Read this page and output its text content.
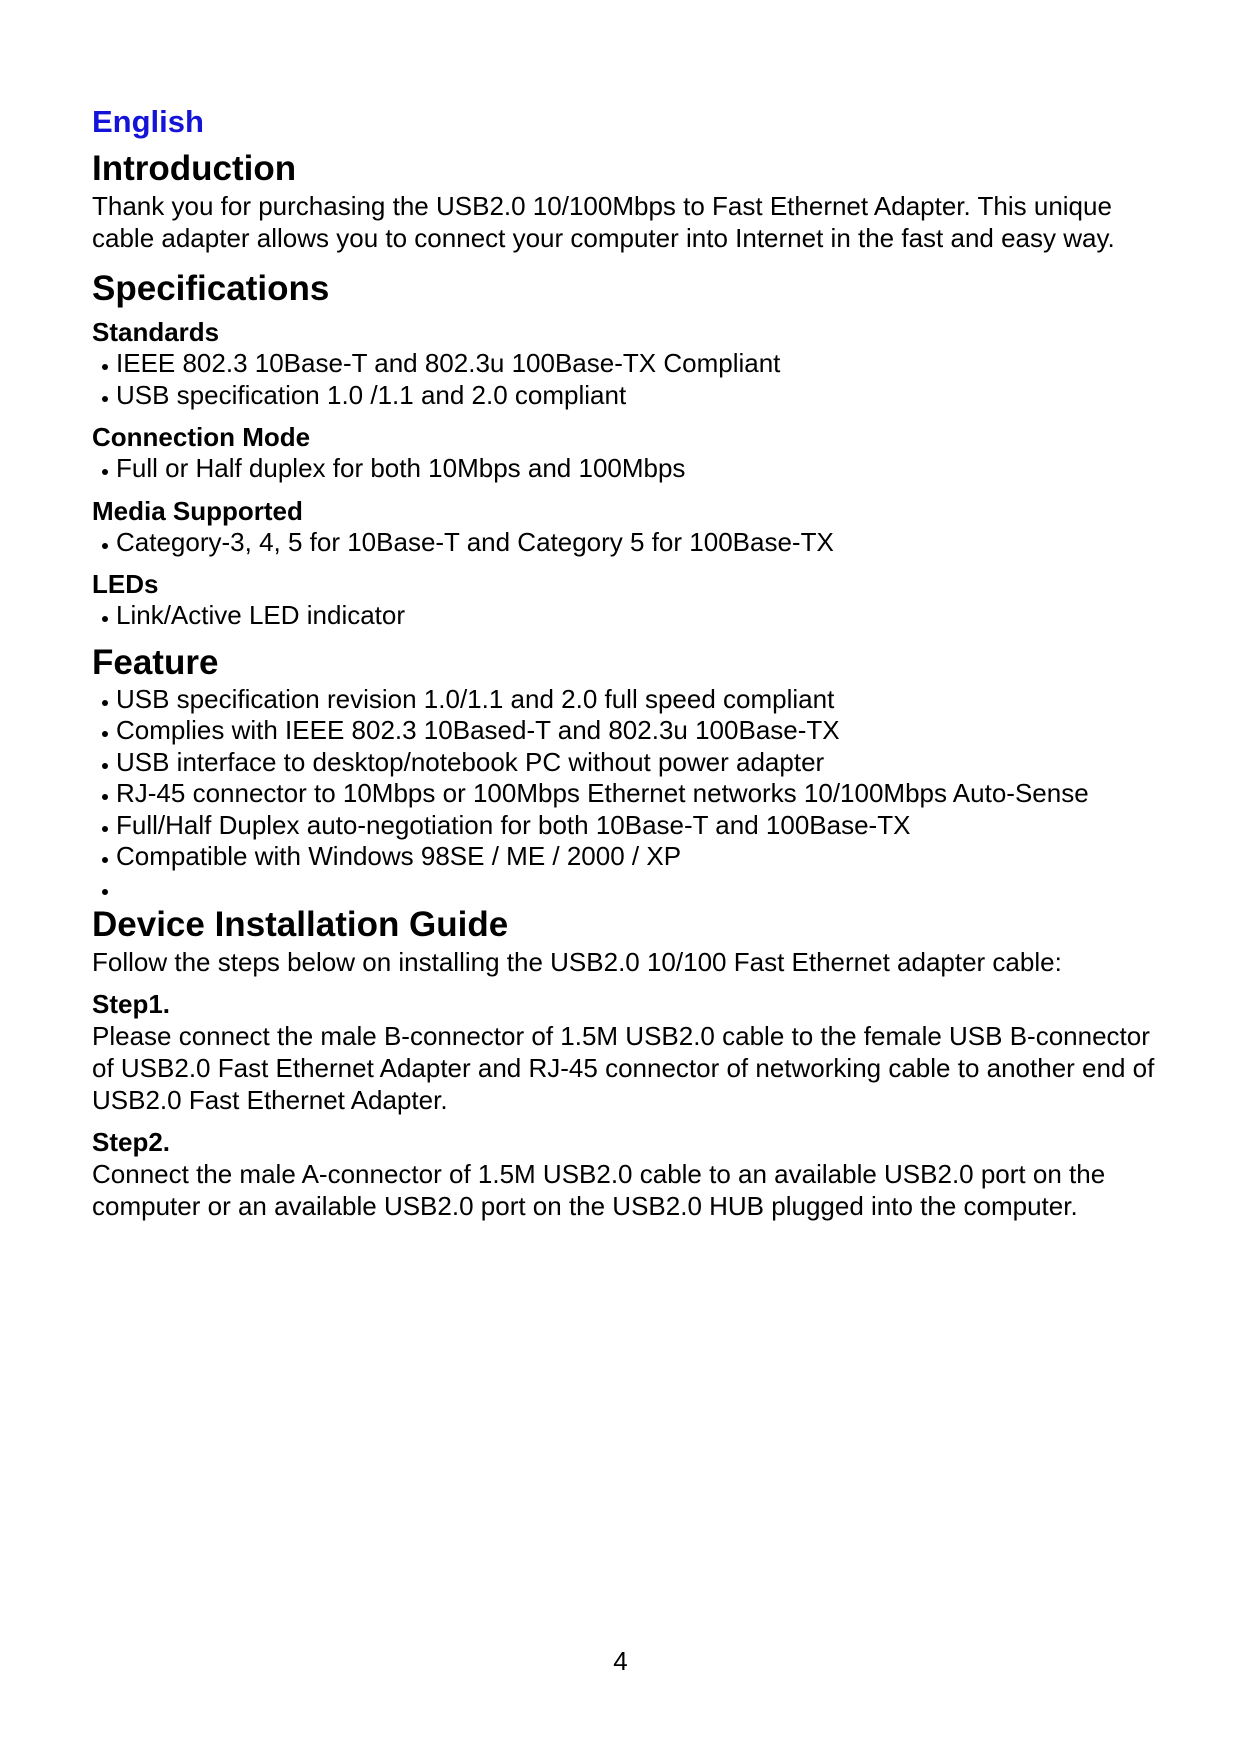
English
Introduction

Thank you for purchasing the USB2.0 10/100Mbps to Fast Ethernet Adapter. This unique cable adapter allows you to connect your computer into Internet in the fast and easy way.

Specifications
Standards
IEEE 802.3 10Base-T and 802.3u 100Base-TX Compliant
USB specification 1.0 /1.1 and 2.0 compliant
Connection Mode
Full or Half duplex for both 10Mbps and 100Mbps
Media Supported
Category-3, 4, 5 for 10Base-T and Category 5 for 100Base-TX
LEDs
Link/Active LED indicator
Feature
USB specification revision 1.0/1.1 and 2.0 full speed compliant
Complies with IEEE 802.3 10Based-T and 802.3u 100Base-TX
USB interface to desktop/notebook PC without power adapter
RJ-45 connector to 10Mbps or 100Mbps Ethernet networks 10/100Mbps Auto-Sense
Full/Half Duplex auto-negotiation for both 10Base-T and 100Base-TX
Compatible with Windows 98SE / ME / 2000 / XP
Device Installation Guide

Follow the steps below on installing the USB2.0 10/100 Fast Ethernet adapter cable:

Step1.

Please connect the male B-connector of 1.5M USB2.0 cable to the female USB B-connector of USB2.0 Fast Ethernet Adapter and RJ-45 connector of networking cable to another end of USB2.0 Fast Ethernet Adapter.

Step2.

Connect the male A-connector of 1.5M USB2.0 cable to an available USB2.0 port on the computer or an available USB2.0 port on the USB2.0 HUB plugged into the computer.

4
